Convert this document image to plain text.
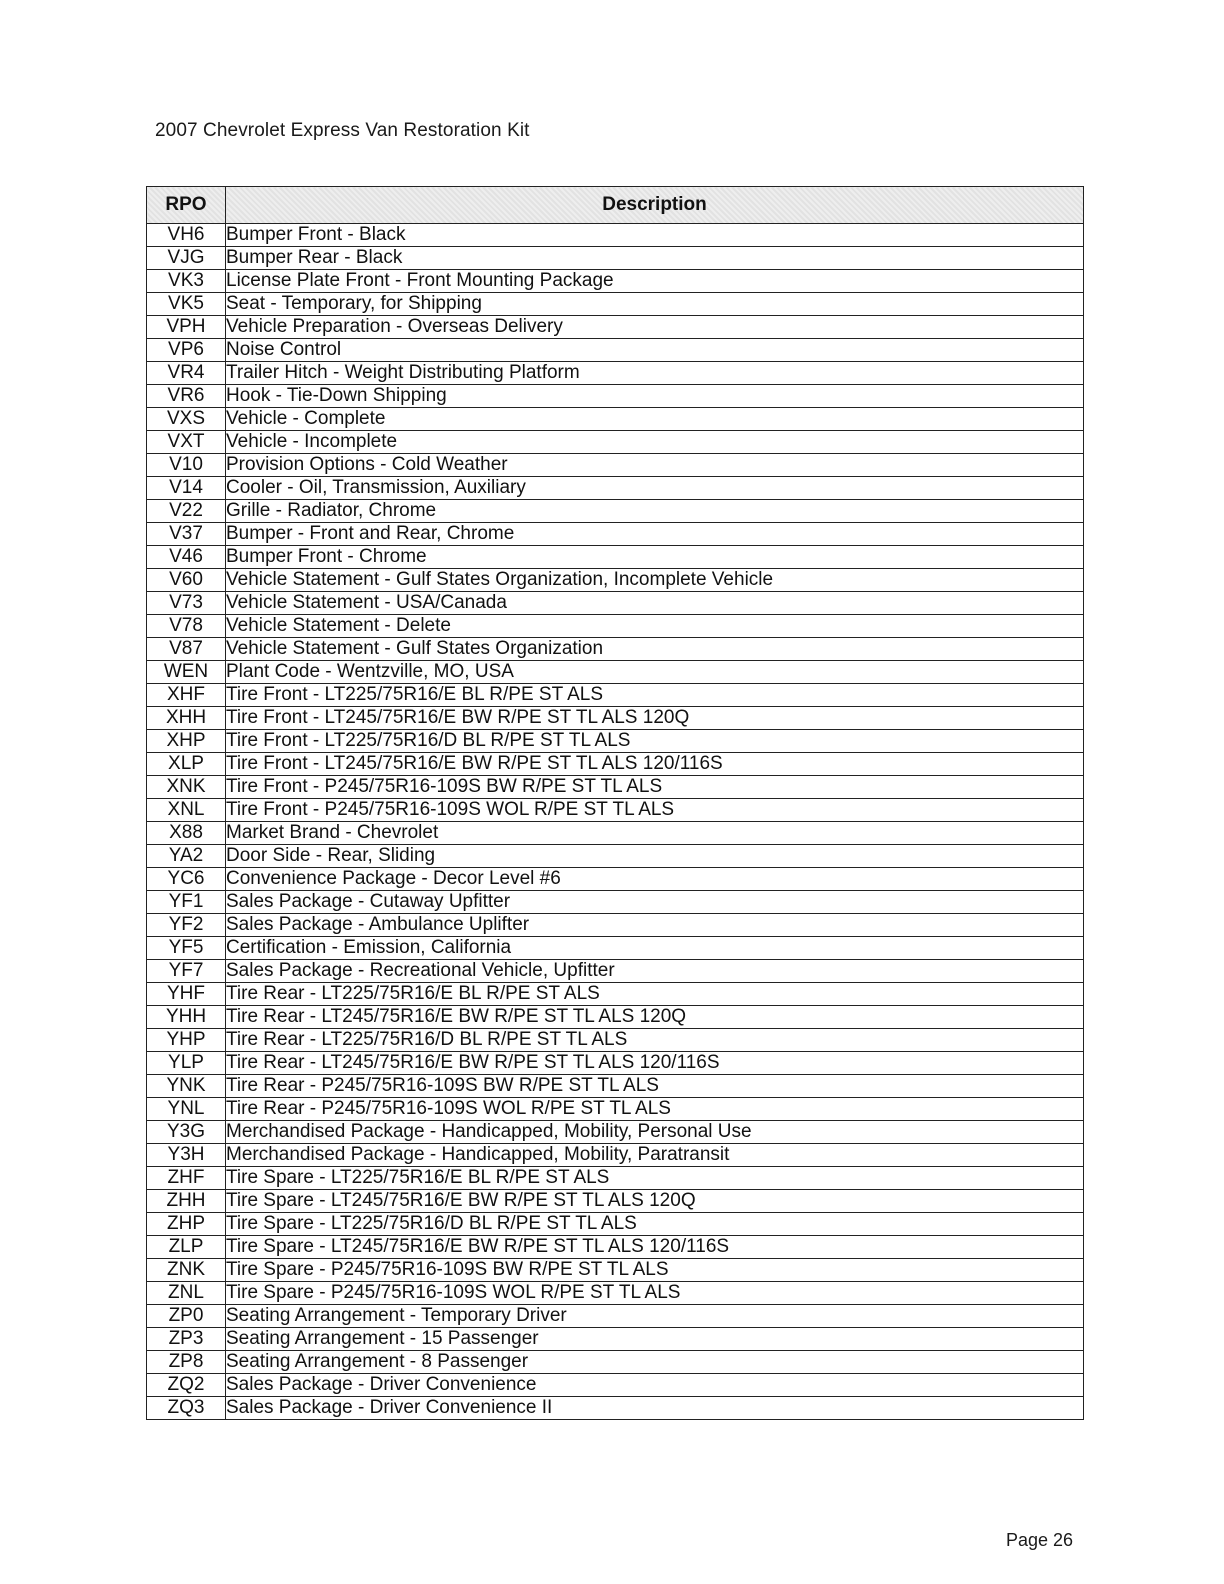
2007 Chevrolet Express Van Restoration Kit
RPO	Description
VH6	Bumper Front - Black
VJG	Bumper Rear - Black
VK3	License Plate Front - Front Mounting Package
VK5	Seat - Temporary, for Shipping
VPH	Vehicle Preparation - Overseas Delivery
VP6	Noise Control
VR4	Trailer Hitch - Weight Distributing Platform
VR6	Hook - Tie-Down Shipping
VXS	Vehicle - Complete
VXT	Vehicle - Incomplete
V10	Provision Options - Cold Weather
V14	Cooler - Oil, Transmission, Auxiliary
V22	Grille - Radiator, Chrome
V37	Bumper - Front and Rear, Chrome
V46	Bumper Front - Chrome
V60	Vehicle Statement - Gulf States Organization, Incomplete Vehicle
V73	Vehicle Statement - USA/Canada
V78	Vehicle Statement - Delete
V87	Vehicle Statement - Gulf States Organization
WEN	Plant Code - Wentzville, MO, USA
XHF	Tire Front - LT225/75R16/E BL R/PE ST ALS
XHH	Tire Front - LT245/75R16/E BW R/PE ST TL ALS 120Q
XHP	Tire Front - LT225/75R16/D BL R/PE ST TL ALS
XLP	Tire Front - LT245/75R16/E BW R/PE ST TL ALS 120/116S
XNK	Tire Front - P245/75R16-109S BW R/PE ST TL ALS
XNL	Tire Front - P245/75R16-109S WOL R/PE ST TL ALS
X88	Market Brand - Chevrolet
YA2	Door Side - Rear, Sliding
YC6	Convenience Package - Decor Level #6
YF1	Sales Package - Cutaway Upfitter
YF2	Sales Package - Ambulance Uplifter
YF5	Certification - Emission, California
YF7	Sales Package - Recreational Vehicle, Upfitter
YHF	Tire Rear - LT225/75R16/E BL R/PE ST ALS
YHH	Tire Rear - LT245/75R16/E BW R/PE ST TL ALS 120Q
YHP	Tire Rear - LT225/75R16/D BL R/PE ST TL ALS
YLP	Tire Rear - LT245/75R16/E BW R/PE ST TL ALS 120/116S
YNK	Tire Rear - P245/75R16-109S BW R/PE ST TL ALS
YNL	Tire Rear - P245/75R16-109S WOL R/PE ST TL ALS
Y3G	Merchandised Package - Handicapped, Mobility, Personal Use
Y3H	Merchandised Package - Handicapped, Mobility, Paratransit
ZHF	Tire Spare - LT225/75R16/E BL R/PE ST ALS
ZHH	Tire Spare - LT245/75R16/E BW R/PE ST TL ALS 120Q
ZHP	Tire Spare - LT225/75R16/D BL R/PE ST TL ALS
ZLP	Tire Spare - LT245/75R16/E BW R/PE ST TL ALS 120/116S
ZNK	Tire Spare - P245/75R16-109S BW R/PE ST TL ALS
ZNL	Tire Spare - P245/75R16-109S WOL R/PE ST TL ALS
ZP0	Seating Arrangement - Temporary Driver
ZP3	Seating Arrangement - 15 Passenger
ZP8	Seating Arrangement - 8 Passenger
ZQ2	Sales Package - Driver Convenience
ZQ3	Sales Package - Driver Convenience II
Page 26
